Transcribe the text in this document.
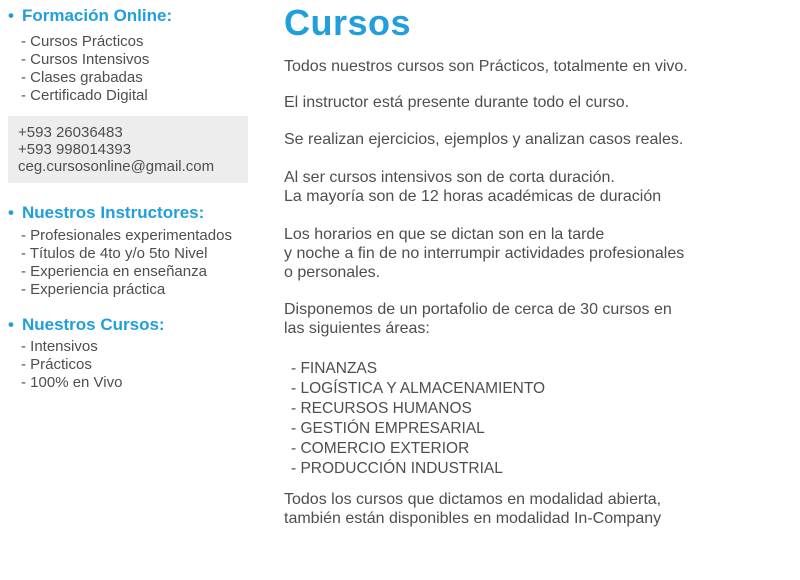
• Formación Online:
- Cursos Prácticos
- Cursos Intensivos
- Clases grabadas
- Certificado Digital
+593 26036483
+593 998014393
ceg.cursosonline@gmail.com
• Nuestros Instructores:
- Profesionales experimentados
- Títulos de 4to y/o 5to Nivel
- Experiencia en enseñanza
- Experiencia práctica
• Nuestros Cursos:
- Intensivos
- Prácticos
- 100% en Vivo
Cursos

Todos nuestros cursos son Prácticos, totalmente en vivo.

El instructor está presente durante todo el curso.

Se realizan ejercicios, ejemplos y analizan casos reales.

Al ser cursos intensivos son de corta duración.
La mayoría son de 12 horas académicas de duración

Los horarios en que se dictan son en la tarde
y noche a fin de no interrumpir actividades profesionales
o personales.

Disponemos de un portafolio de cerca de 30 cursos en
las siguientes áreas:

- FINANZAS
- LOGÍSTICA Y ALMACENAMIENTO
- RECURSOS HUMANOS
- GESTIÓN EMPRESARIAL
- COMERCIO EXTERIOR
- PRODUCCIÓN INDUSTRIAL

Todos los cursos que dictamos en modalidad abierta,
también están disponibles en modalidad In-Company
